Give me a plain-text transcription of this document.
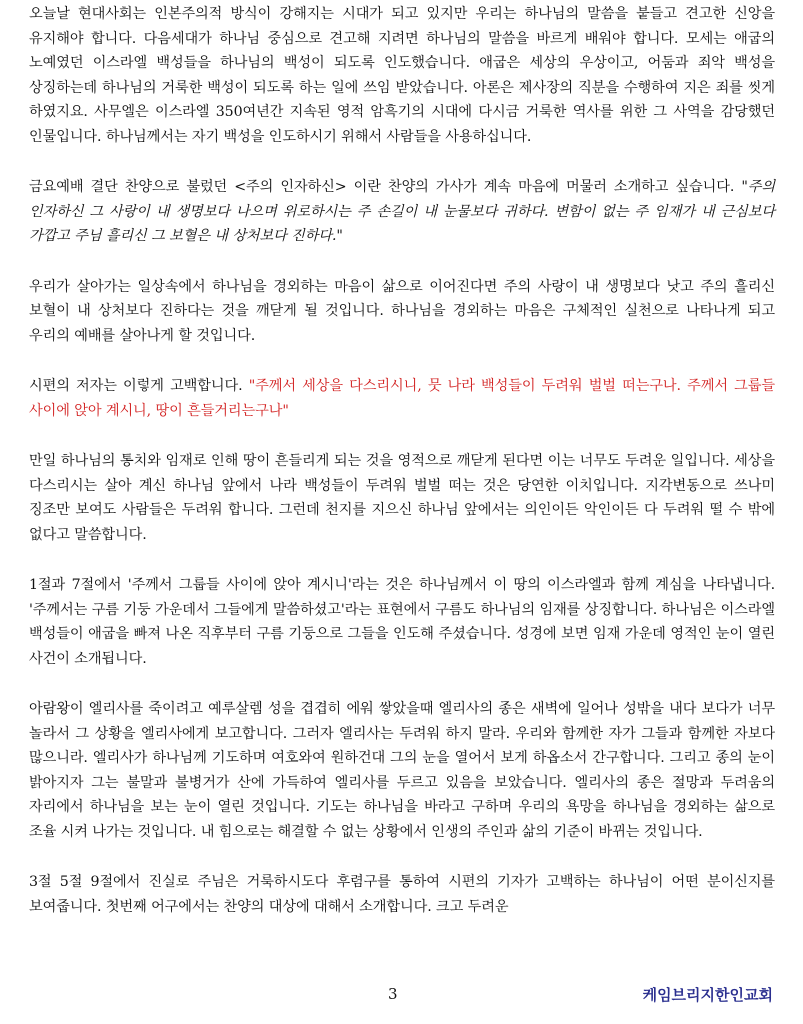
오늘날 현대사회는 인본주의적 방식이 강해지는 시대가 되고 있지만 우리는 하나님의 말씀을 붙들고 견고한 신앙을 유지해야 합니다. 다음세대가 하나님 중심으로 견고해 지려면 하나님의 말씀을 바르게 배워야 합니다. 모세는 애굽의 노예였던 이스라엘 백성들을 하나님의 백성이 되도록 인도했습니다. 애굽은 세상의 우상이고, 어둠과 죄악 백성을 상징하는데 하나님의 거룩한 백성이 되도록 하는 일에 쓰임 받았습니다. 아론은 제사장의 직분을 수행하여 지은 죄를 씻게 하였지요. 사무엘은 이스라엘 350여년간 지속된 영적 암흑기의 시대에 다시금 거룩한 역사를 위한 그 사역을 감당했던 인물입니다. 하나님께서는 자기 백성을 인도하시기 위해서 사람들을 사용하십니다.

금요예배 결단 찬양으로 불렀던 <주의 인자하신> 이란 찬양의 가사가 계속 마음에 머물러 소개하고 싶습니다. "주의 인자하신 그 사랑이 내 생명보다 나으며 위로하시는 주 손길이 내 눈물보다 귀하다. 변함이 없는 주 임재가 내 근심보다 가깝고 주님 흘리신 그 보혈은 내 상처보다 진하다."

우리가 살아가는 일상속에서 하나님을 경외하는 마음이 삶으로 이어진다면 주의 사랑이 내 생명보다 낫고 주의 흘리신 보혈이 내 상처보다 진하다는 것을 깨닫게 될 것입니다. 하나님을 경외하는 마음은 구체적인 실천으로 나타나게 되고 우리의 예배를 살아나게 할 것입니다.

시편의 저자는 이렇게 고백합니다. "주께서 세상을 다스리시니, 뭇 나라 백성들이 두려워 벌벌 떠는구나. 주께서 그룹들 사이에 앉아 계시니, 땅이 흔들거리는구나"

만일 하나님의 통치와 임재로 인해 땅이 흔들리게 되는 것을 영적으로 깨닫게 된다면 이는 너무도 두려운 일입니다. 세상을 다스리시는 살아 계신 하나님 앞에서 나라 백성들이 두려워 벌벌 떠는 것은 당연한 이치입니다. 지각변동으로 쓰나미 징조만 보여도 사람들은 두려워 합니다. 그런데 천지를 지으신 하나님 앞에서는 의인이든 악인이든 다 두려워 떨 수 밖에 없다고 말씀합니다.

1절과 7절에서 '주께서 그룹들 사이에 앉아 계시니'라는 것은 하나님께서 이 땅의 이스라엘과 함께 계심을 나타냅니다. '주께서는 구름 기둥 가운데서 그들에게 말씀하셨고'라는 표현에서 구름도 하나님의 임재를 상징합니다. 하나님은 이스라엘 백성들이 애굽을 빠져 나온 직후부터 구름 기둥으로 그들을 인도해 주셨습니다. 성경에 보면 임재 가운데 영적인 눈이 열린 사건이 소개됩니다.

아람왕이 엘리사를 죽이려고 예루살렘 성을 겹겹히 에워 쌓았을때 엘리사의 종은 새벽에 일어나 성밖을 내다 보다가 너무 놀라서 그 상황을 엘리사에게 보고합니다. 그러자 엘리사는 두려워 하지 말라. 우리와 함께한 자가 그들과 함께한 자보다 많으니라. 엘리사가 하나님께 기도하며 여호와여 원하건대 그의 눈을 열어서 보게 하옵소서 간구합니다. 그리고 종의 눈이 밝아지자 그는 불말과 불병거가 산에 가득하여 엘리사를 두르고 있음을 보았습니다. 엘리사의 종은 절망과 두려움의 자리에서 하나님을 보는 눈이 열린 것입니다. 기도는 하나님을 바라고 구하며 우리의 욕망을 하나님을 경외하는 삶으로 조율 시켜 나가는 것입니다. 내 힘으로는 해결할 수 없는 상황에서 인생의 주인과 삶의 기준이 바뀌는 것입니다.

3절 5절 9절에서 진실로 주님은 거룩하시도다 후렴구를 통하여 시편의 기자가 고백하는 하나님이 어떤 분이신지를 보여줍니다. 첫번째 어구에서는 찬양의 대상에 대해서 소개합니다. 크고 두려운

3	케임브리지한인교회
